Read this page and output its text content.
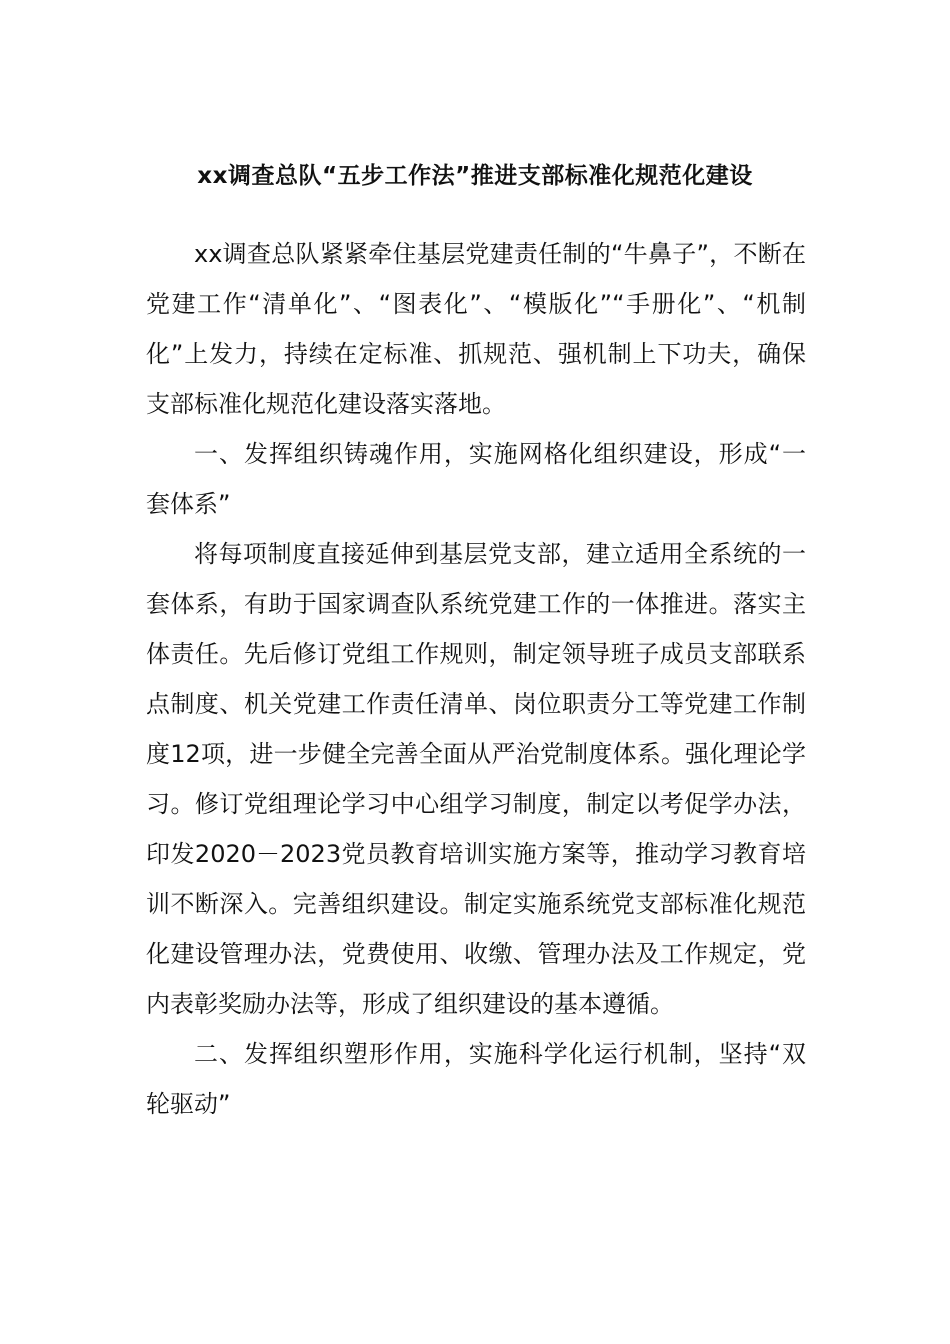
xx调查总队“五步工作法”推进支部标准化规范化建设

xx调查总队紧紧牵住基层党建责任制的“牛鼻子”，不断在党建工作“清单化”、“图表化”、“模版化”“手册化”、“机制化”上发力，持续在定标准、抓规范、强机制上下功夫，确保支部标准化规范化建设落实落地。

一、发挥组织铸魂作用，实施网格化组织建设，形成“一套体系”

将每项制度直接延伸到基层党支部，建立适用全系统的一套体系，有助于国家调查队系统党建工作的一体推进。落实主体责任。先后修订党组工作规则，制定领导班子成员支部联系点制度、机关党建工作责任清单、岗位职责分工等党建工作制度12项，进一步健全完善全面从严治党制度体系。强化理论学习。修订党组理论学习中心组学习制度，制定以考促学办法，印发2020－2023党员教育培训实施方案等，推动学习教育培训不断深入。完善组织建设。制定实施系统党支部标准化规范化建设管理办法，党费使用、收缴、管理办法及工作规定，党内表彰奖励办法等，形成了组织建设的基本遵循。

二、发挥组织塑形作用，实施科学化运行机制，坚持“双轮驱动”
